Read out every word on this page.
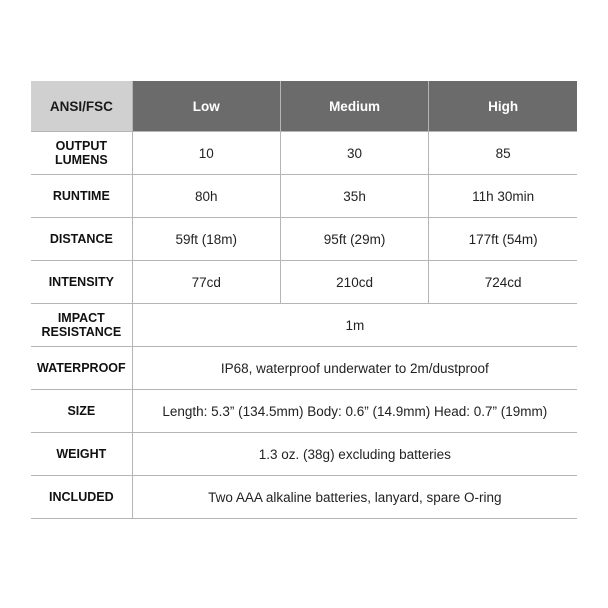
ANSI/FSC	Low	Medium	High
OUTPUT
LUMENS	10	30	85
RUNTIME	80h	35h	11h 30min
DISTANCE	59ft (18m)	95ft (29m)	177ft (54m)
INTENSITY	77cd	210cd	724cd
IMPACT
RESISTANCE	1m		
WATERPROOF	IP68, waterproof underwater to 2m/dustproof		
SIZE	Length: 5.3” (134.5mm) Body: 0.6” (14.9mm) Head: 0.7” (19mm)		
WEIGHT	1.3 oz. (38g) excluding batteries		
INCLUDED	Two AAA alkaline batteries, lanyard, spare O-ring		
